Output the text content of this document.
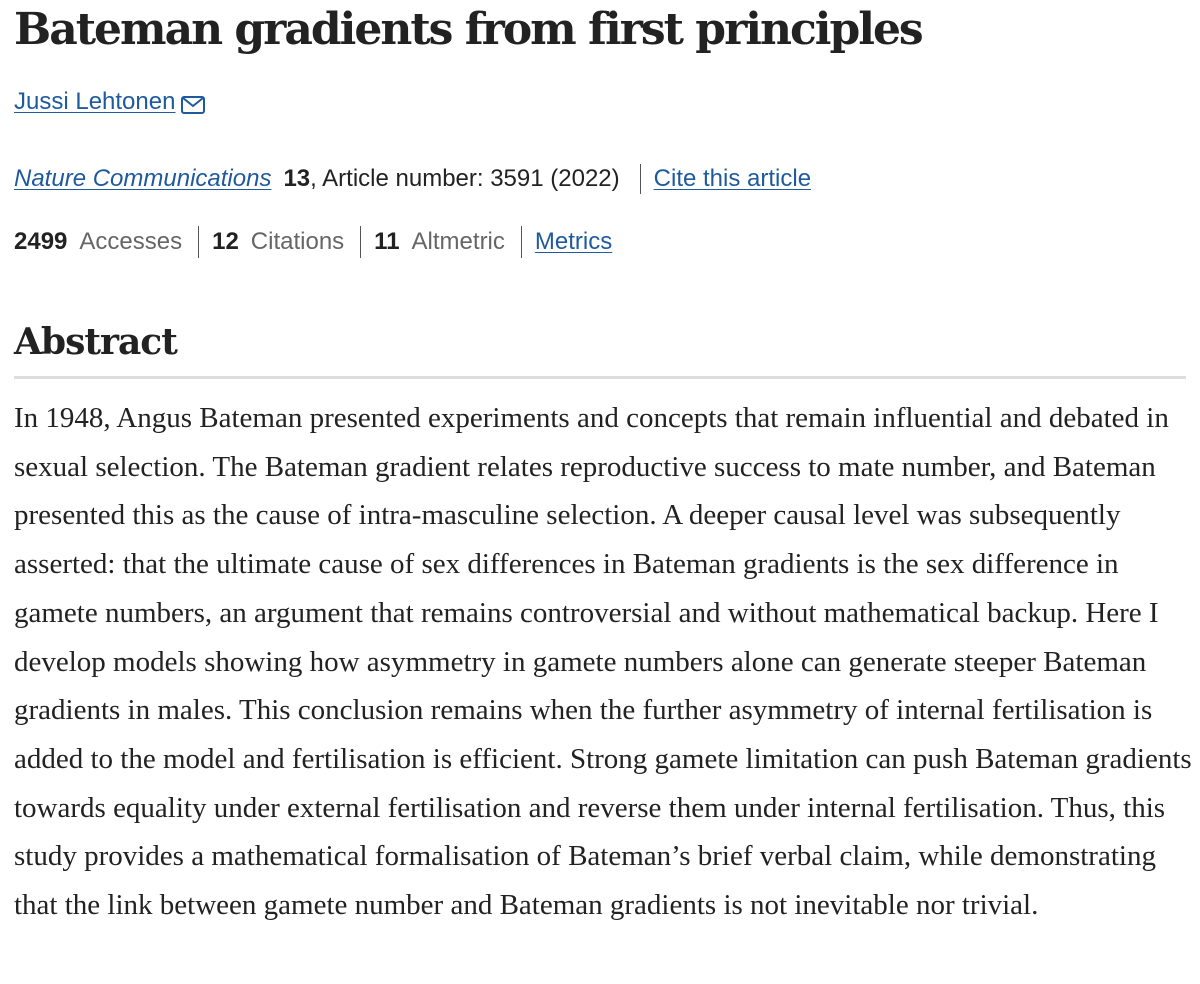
Bateman gradients from first principles
Jussi Lehtonen
Nature Communications 13 , Article number: 3591 (2022) Cite this article
2499 Accesses 12 Citations 11 Altmetric Metrics
Abstract

In 1948, Angus Bateman presented experiments and concepts that remain influential and debated in sexual selection. The Bateman gradient relates reproductive success to mate number, and Bateman presented this as the cause of intra-masculine selection. A deeper causal level was subsequently asserted: that the ultimate cause of sex differences in Bateman gradients is the sex difference in gamete numbers, an argument that remains controversial and without mathematical backup. Here I develop models showing how asymmetry in gamete numbers alone can generate steeper Bateman gradients in males. This conclusion remains when the further asymmetry of internal fertilisation is added to the model and fertilisation is efficient. Strong gamete limitation can push Bateman gradients towards equality under external fertilisation and reverse them under internal fertilisation. Thus, this study provides a mathematical formalisation of Bateman’s brief verbal claim, while demonstrating that the link between gamete number and Bateman gradients is not inevitable nor trivial.
